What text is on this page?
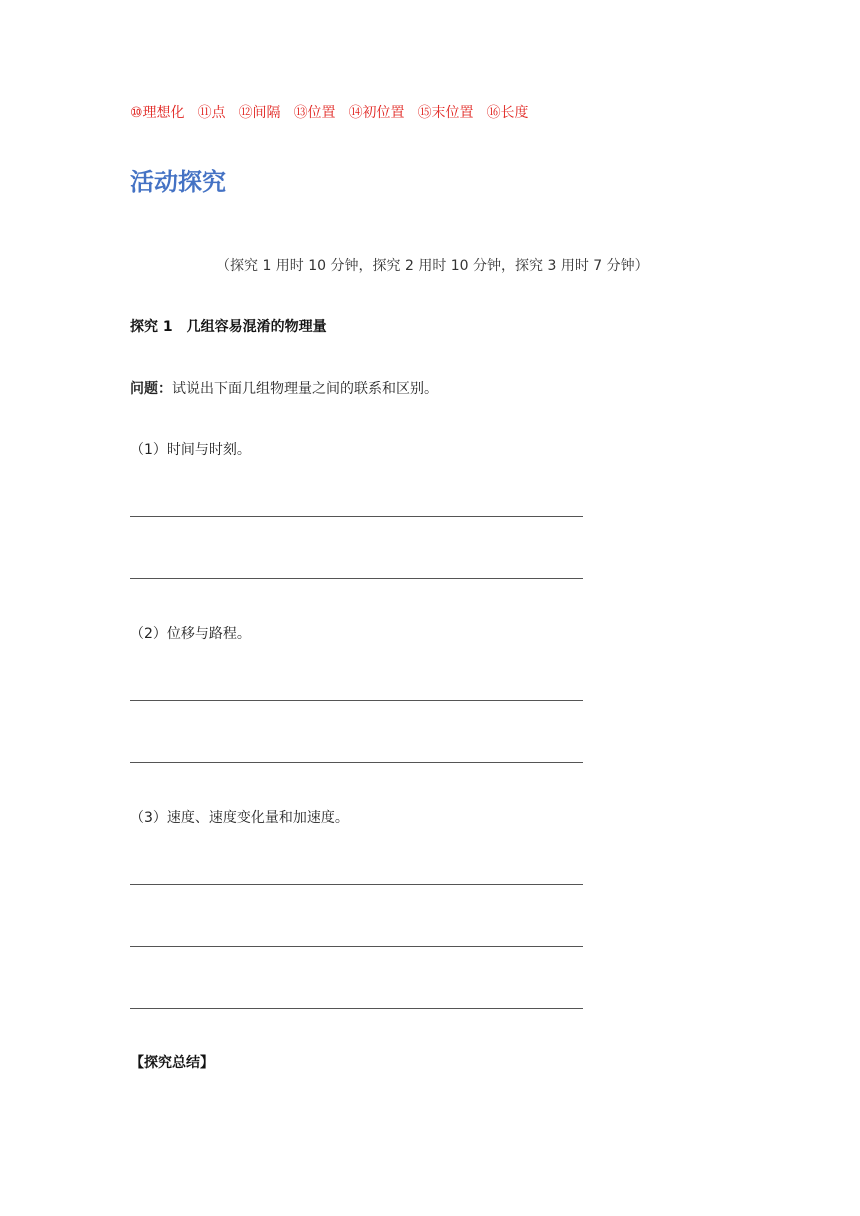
⑩理想化 ⑪点 ⑫间隔 ⑬位置 ⑭初位置 ⑮末位置 ⑯长度
活动探究
（探究 1 用时 10 分钟，探究 2 用时 10 分钟，探究 3 用时 7 分钟）
探究 1　几组容易混淆的物理量
问题：试说出下面几组物理量之间的联系和区别。
（1）时间与时刻。
（2）位移与路程。
（3）速度、速度变化量和加速度。
【探究总结】
